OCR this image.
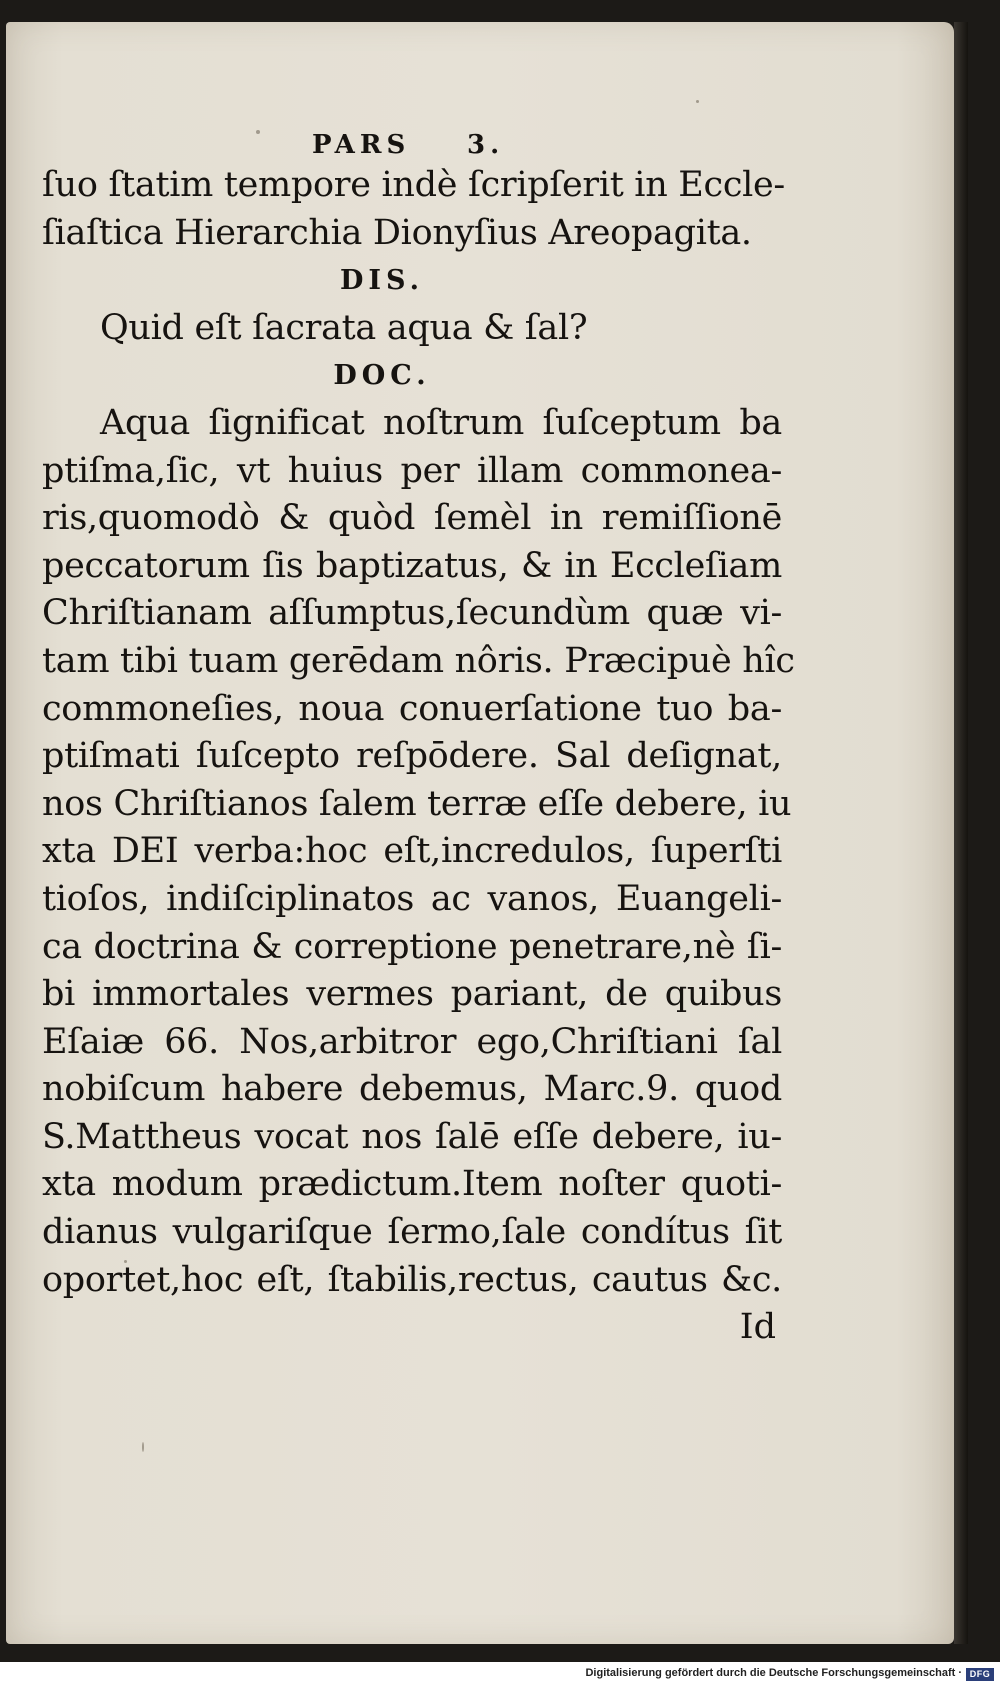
PARS 3.
ſuo ſtatim tempore indè ſcripſerit in Eccle-
ſiaſtica Hierarchia Dionyſius Areopagita.
DIS.
Quid eſt ſacrata aqua & ſal?
DOC.
Aqua ſignificat noſtrum ſuſceptum ba
ptiſma,ſic, vt huius per illam commonea-
ris,quomodò & quòd ſemèl in remiſſionē
peccatorum ſis baptizatus, & in Eccleſiam
Chriſtianam aſſumptus,ſecundùm quæ vi-
tam tibi tuam gerēdam nôris. Præcipuè hîc
commoneſies, noua conuerſatione tuo ba-
ptiſmati ſuſcepto reſpōdere. Sal deſignat,
nos Chriſtianos ſalem terræ eſſe debere, iu
xta DEI verba:hoc eſt,incredulos, ſuperſti
tioſos, indiſciplinatos ac vanos, Euangeli-
ca doctrina & correptione penetrare,nè ſi-
bi immortales vermes pariant, de quibus
Eſaiæ 66. Nos,arbitror ego,Chriſtiani ſal
nobiſcum habere debemus, Marc.9. quod
S.Mattheus vocat nos ſalē eſſe debere, iu-
xta modum prædictum.Item noſter quoti-
dianus vulgariſque ſermo,ſale condítus ſit
oportet,hoc eſt, ſtabilis,rectus, cautus &c.
Id
Digitalisierung gefördert durch die Deutsche Forschungsgemeinschaft · DFG
